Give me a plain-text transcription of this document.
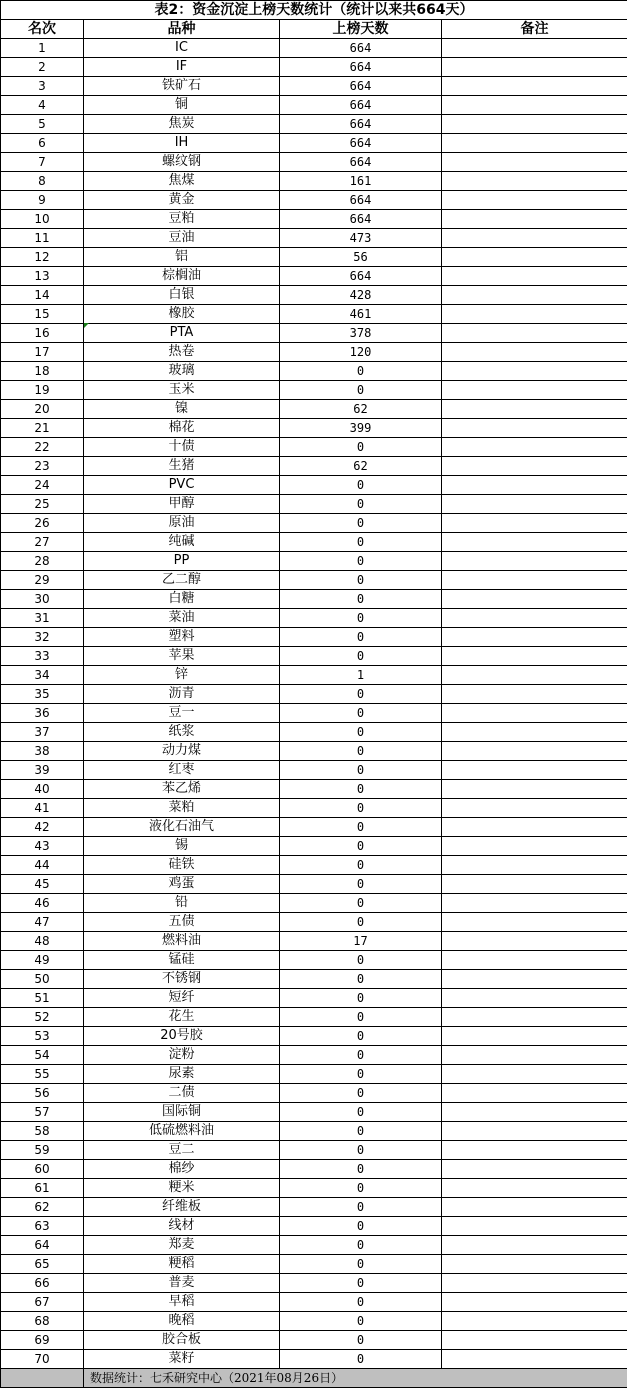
表2：资金沉淀上榜天数统计（统计以来共664天）			
名次	品种	上榜天数	备注
1	IC	664	
2	IF	664	
3	铁矿石	664	
4	铜	664	
5	焦炭	664	
6	IH	664	
7	螺纹钢	664	
8	焦煤	161	
9	黄金	664	
10	豆粕	664	
11	豆油	473	
12	铝	56	
13	棕榈油	664	
14	白银	428	
15	橡胶	461	
16	PTA	378	
17	热卷	120	
18	玻璃	0	
19	玉米	0	
20	镍	62	
21	棉花	399	
22	十债	0	
23	生猪	62	
24	PVC	0	
25	甲醇	0	
26	原油	0	
27	纯碱	0	
28	PP	0	
29	乙二醇	0	
30	白糖	0	
31	菜油	0	
32	塑料	0	
33	苹果	0	
34	锌	1	
35	沥青	0	
36	豆一	0	
37	纸浆	0	
38	动力煤	0	
39	红枣	0	
40	苯乙烯	0	
41	菜粕	0	
42	液化石油气	0	
43	锡	0	
44	硅铁	0	
45	鸡蛋	0	
46	铅	0	
47	五债	0	
48	燃料油	17	
49	锰硅	0	
50	不锈钢	0	
51	短纤	0	
52	花生	0	
53	20号胶	0	
54	淀粉	0	
55	尿素	0	
56	二债	0	
57	国际铜	0	
58	低硫燃料油	0	
59	豆二	0	
60	棉纱	0	
61	粳米	0	
62	纤维板	0	
63	线材	0	
64	郑麦	0	
65	粳稻	0	
66	普麦	0	
67	早稻	0	
68	晚稻	0	
69	胶合板	0	
70	菜籽	0	
	数据统计：七禾研究中心（2021年08月26日）		
